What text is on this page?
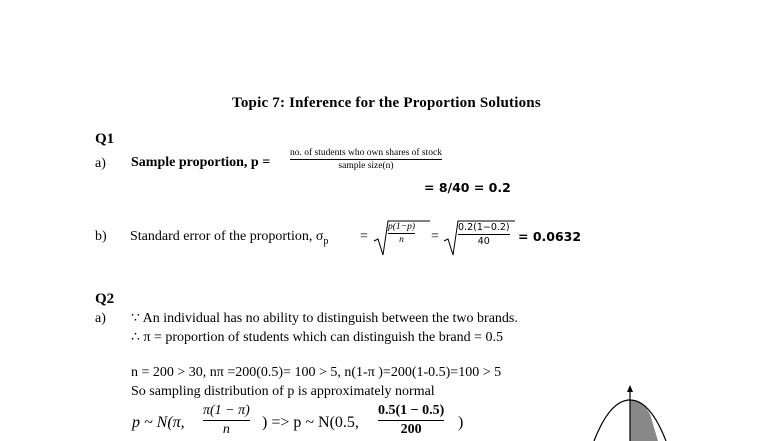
Topic 7: Inference for the Proportion Solutions
Q1
a) Sample proportion, p =
no. of students who own shares of stock
sample size(n)
= 8/40 = 0.2
b) Standard error of the proportion, $\sigma_p$ =
p(1−p)
n	=
0.2(1−0.2)
40	= 0.0632
Q2
a) ∵ An individual has no ability to distinguish between the two brands.
∴ π = proportion of students which can distinguish the brand = 0.5
n = 200 > 30, nπ =200(0.5)= 100 > 5, n(1-π )=200(1-0.5)=100 > 5
So sampling distribution of p is approximately normal
p ~ N(π,
π(1 − π)
n	) => p ~ N(0.5,
0.5(1 − 0.5)
200	)
